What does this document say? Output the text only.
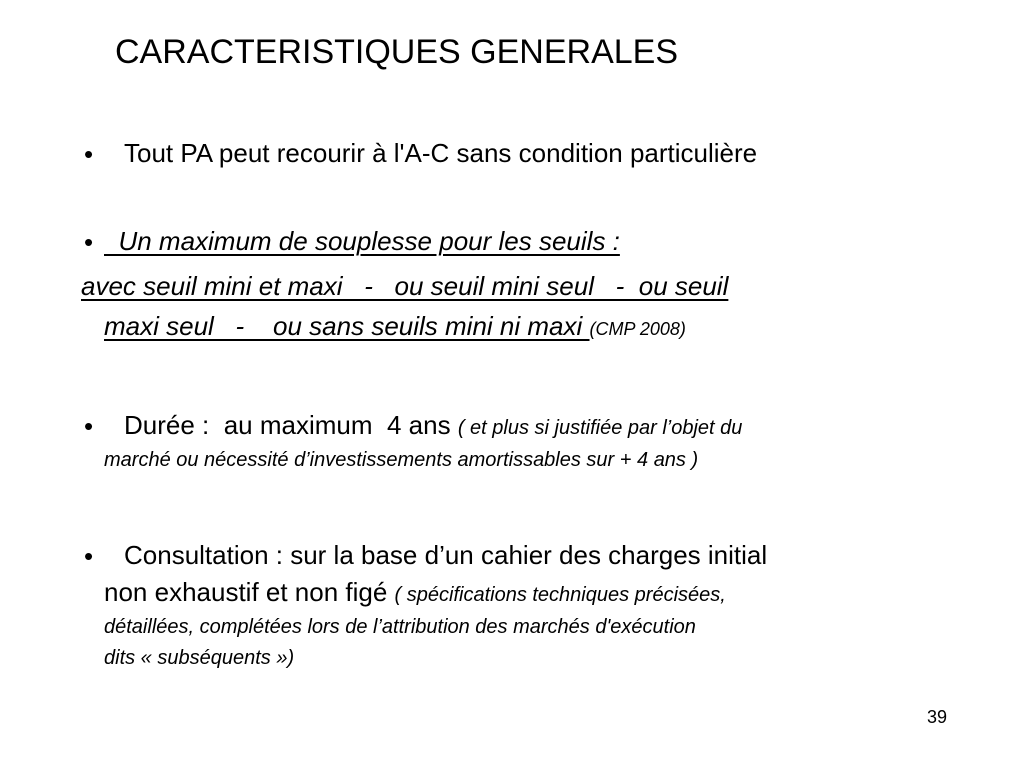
CARACTERISTIQUES GENERALES
• Tout PA peut recourir à l'A-C sans condition particulière
• Un maximum de souplesse pour les seuils :
avec seuil mini et maxi   -   ou seuil mini seul   -  ou seuil
maxi seul   -    ou sans seuils mini ni maxi (CMP 2008)
• Durée :  au maximum  4 ans ( et plus si justifiée par l’objet du
marché ou nécessité d’investissements amortissables sur + 4 ans )
• Consultation : sur la base d’un cahier des charges initial
non exhaustif et non figé ( spécifications techniques précisées,
détaillées, complétées lors de l’attribution des marchés d'exécution
dits « subséquents »)
39
